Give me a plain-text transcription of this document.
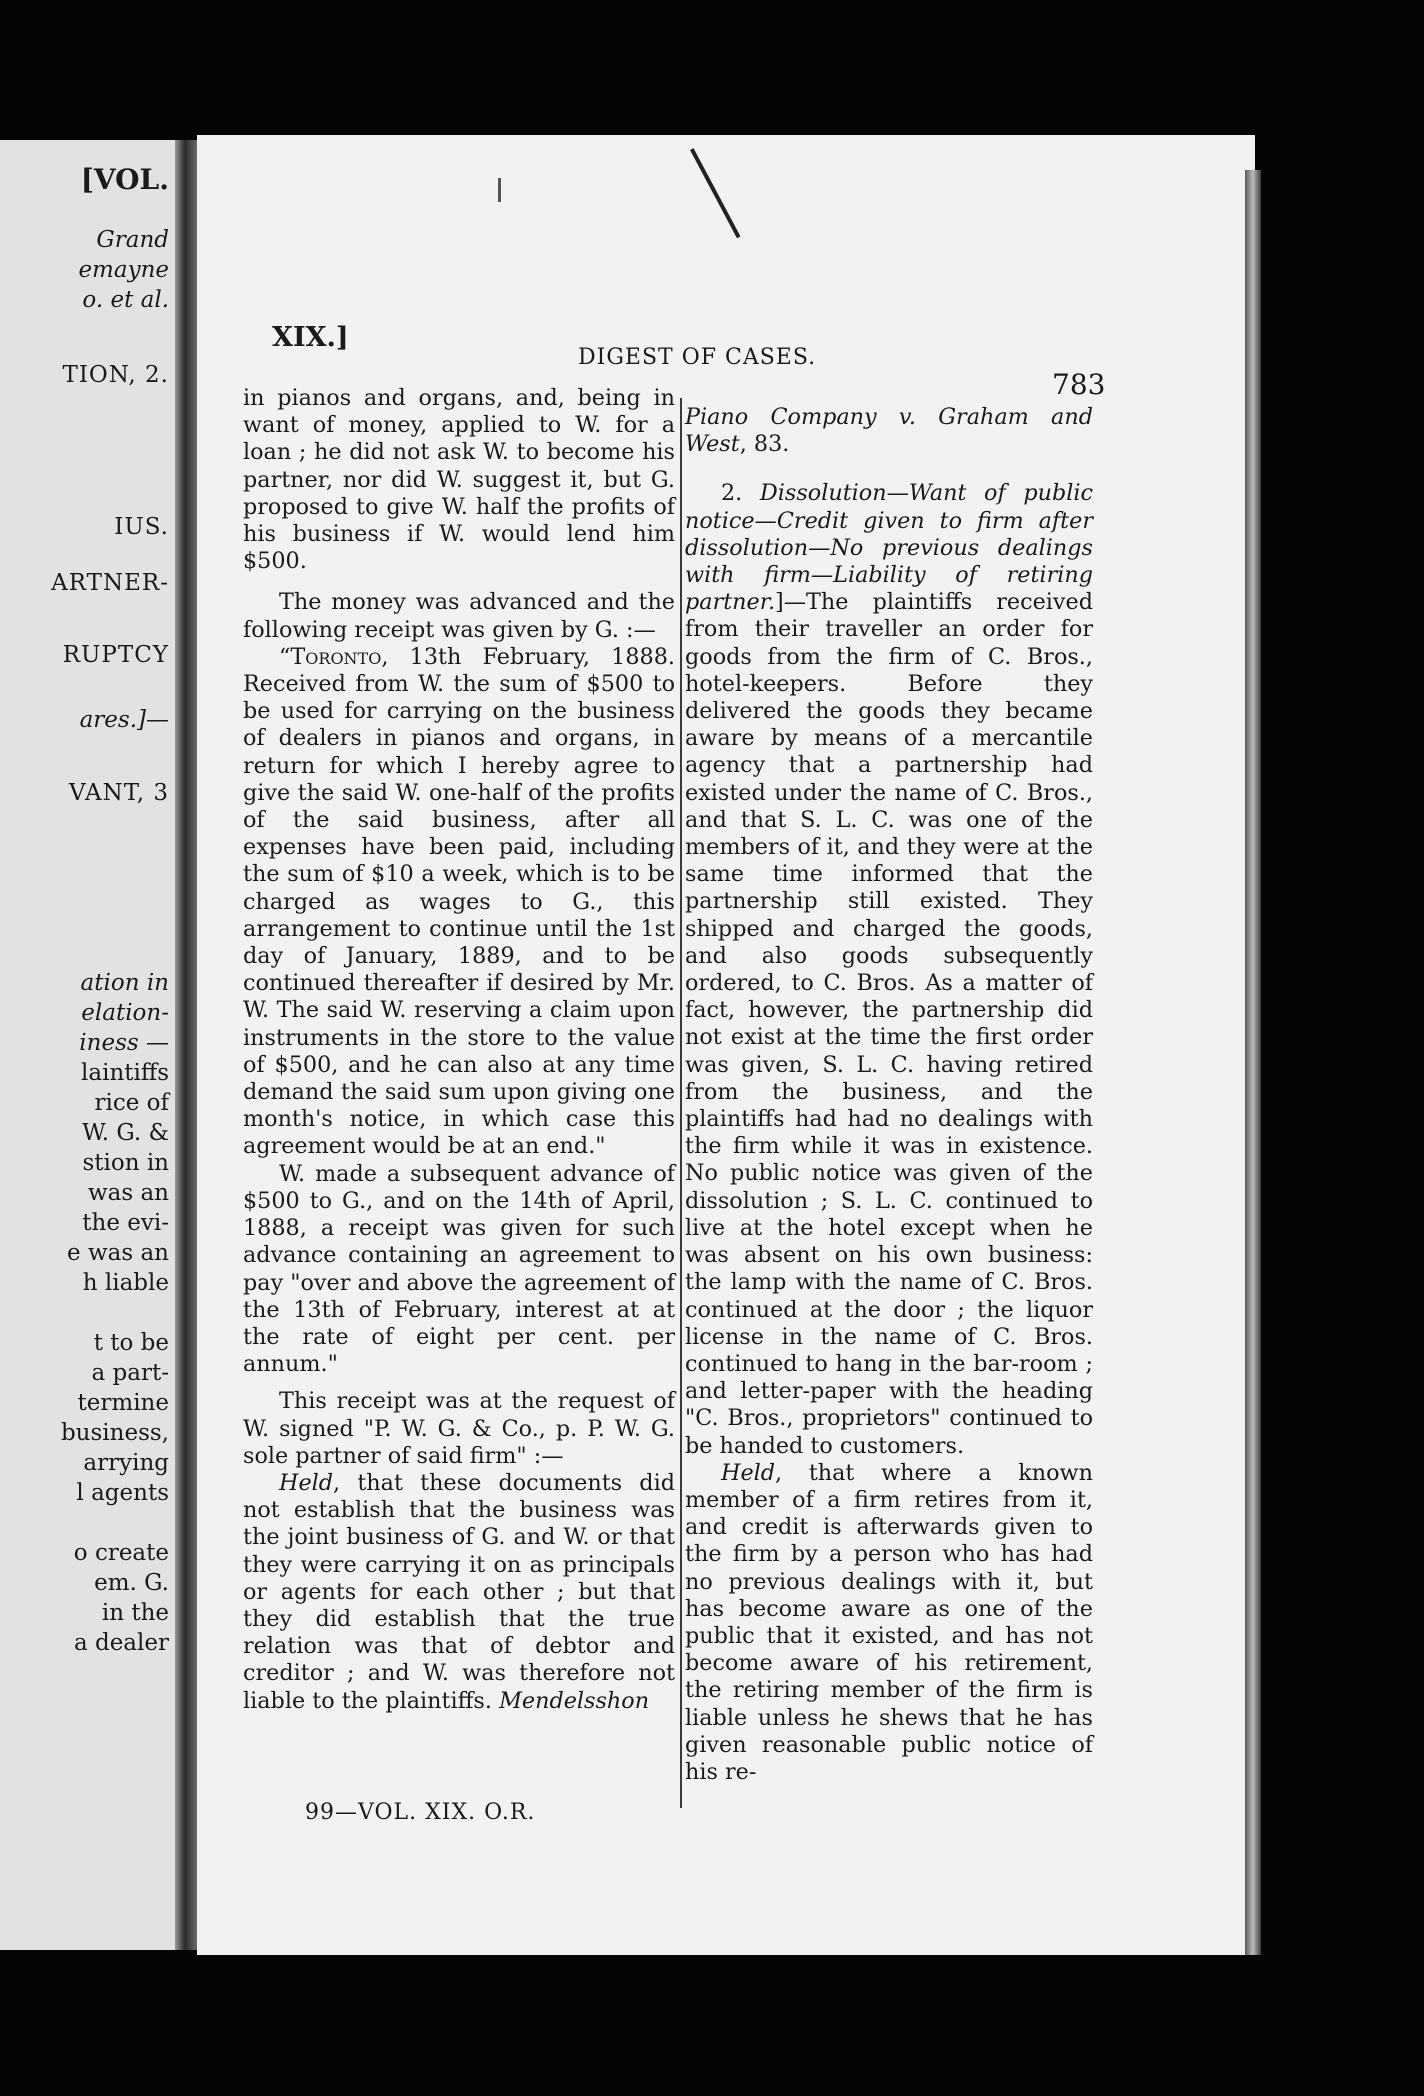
[VOL.
Grand
emayne
o. et al.
TION, 2.
IUS.
ARTNER-
RUPTCY
ares.]—
VANT, 3
ation in
elation-
iness —
laintiffs
rice of
W. G. &
stion in
was an
the evi-
e was an
h liable
t to be
a part-
termine
business,
arrying
l agents
o create
em. G.
in the
a dealer
XIX.]
DIGEST OF CASES.
783

in pianos and organs, and, being in want of money, applied to W. for a loan ; he did not ask W. to become his partner, nor did W. suggest it, but G. proposed to give W. half the profits of his business if W. would lend him $500.

The money was advanced and the following receipt was given by G. :—

“Toronto, 13th February, 1888. Received from W. the sum of $500 to be used for carrying on the business of dealers in pianos and organs, in return for which I hereby agree to give the said W. one-half of the profits of the said business, after all expenses have been paid, including the sum of $10 a week, which is to be charged as wages to G., this arrangement to continue until the 1st day of January, 1889, and to be continued thereafter if desired by Mr. W. The said W. reserving a claim upon instruments in the store to the value of $500, and he can also at any time demand the said sum upon giving one month's notice, in which case this agreement would be at an end."

W. made a subsequent advance of $500 to G., and on the 14th of April, 1888, a receipt was given for such advance containing an agreement to pay "over and above the agreement of the 13th of February, interest at at the rate of eight per cent. per annum."

This receipt was at the request of W. signed "P. W. G. & Co., p. P. W. G. sole partner of said firm" :—

Held, that these documents did not establish that the business was the joint business of G. and W. or that they were carrying it on as principals or agents for each other ; but that they did establish that the true relation was that of debtor and creditor ; and W. was therefore not liable to the plaintiffs. Mendelsshon

Piano Company v. Graham and West, 83.

2. Dissolution—Want of public notice—Credit given to firm after dissolution—No previous dealings with firm—Liability of retiring partner.]—The plaintiffs received from their traveller an order for goods from the firm of C. Bros., hotel-keepers. Before they delivered the goods they became aware by means of a mercantile agency that a partnership had existed under the name of C. Bros., and that S. L. C. was one of the members of it, and they were at the same time informed that the partnership still existed. They shipped and charged the goods, and also goods subsequently ordered, to C. Bros. As a matter of fact, however, the partnership did not exist at the time the first order was given, S. L. C. having retired from the business, and the plaintiffs had had no dealings with the firm while it was in existence. No public notice was given of the dissolution ; S. L. C. continued to live at the hotel except when he was absent on his own business: the lamp with the name of C. Bros. continued at the door ; the liquor license in the name of C. Bros. continued to hang in the bar-room ; and letter-paper with the heading "C. Bros., proprietors" continued to be handed to customers.

Held, that where a known member of a firm retires from it, and credit is afterwards given to the firm by a person who has had no previous dealings with it, but has become aware as one of the public that it existed, and has not become aware of his retirement, the retiring member of the firm is liable unless he shews that he has given reasonable public notice of his re-

99—VOL. XIX. O.R.
